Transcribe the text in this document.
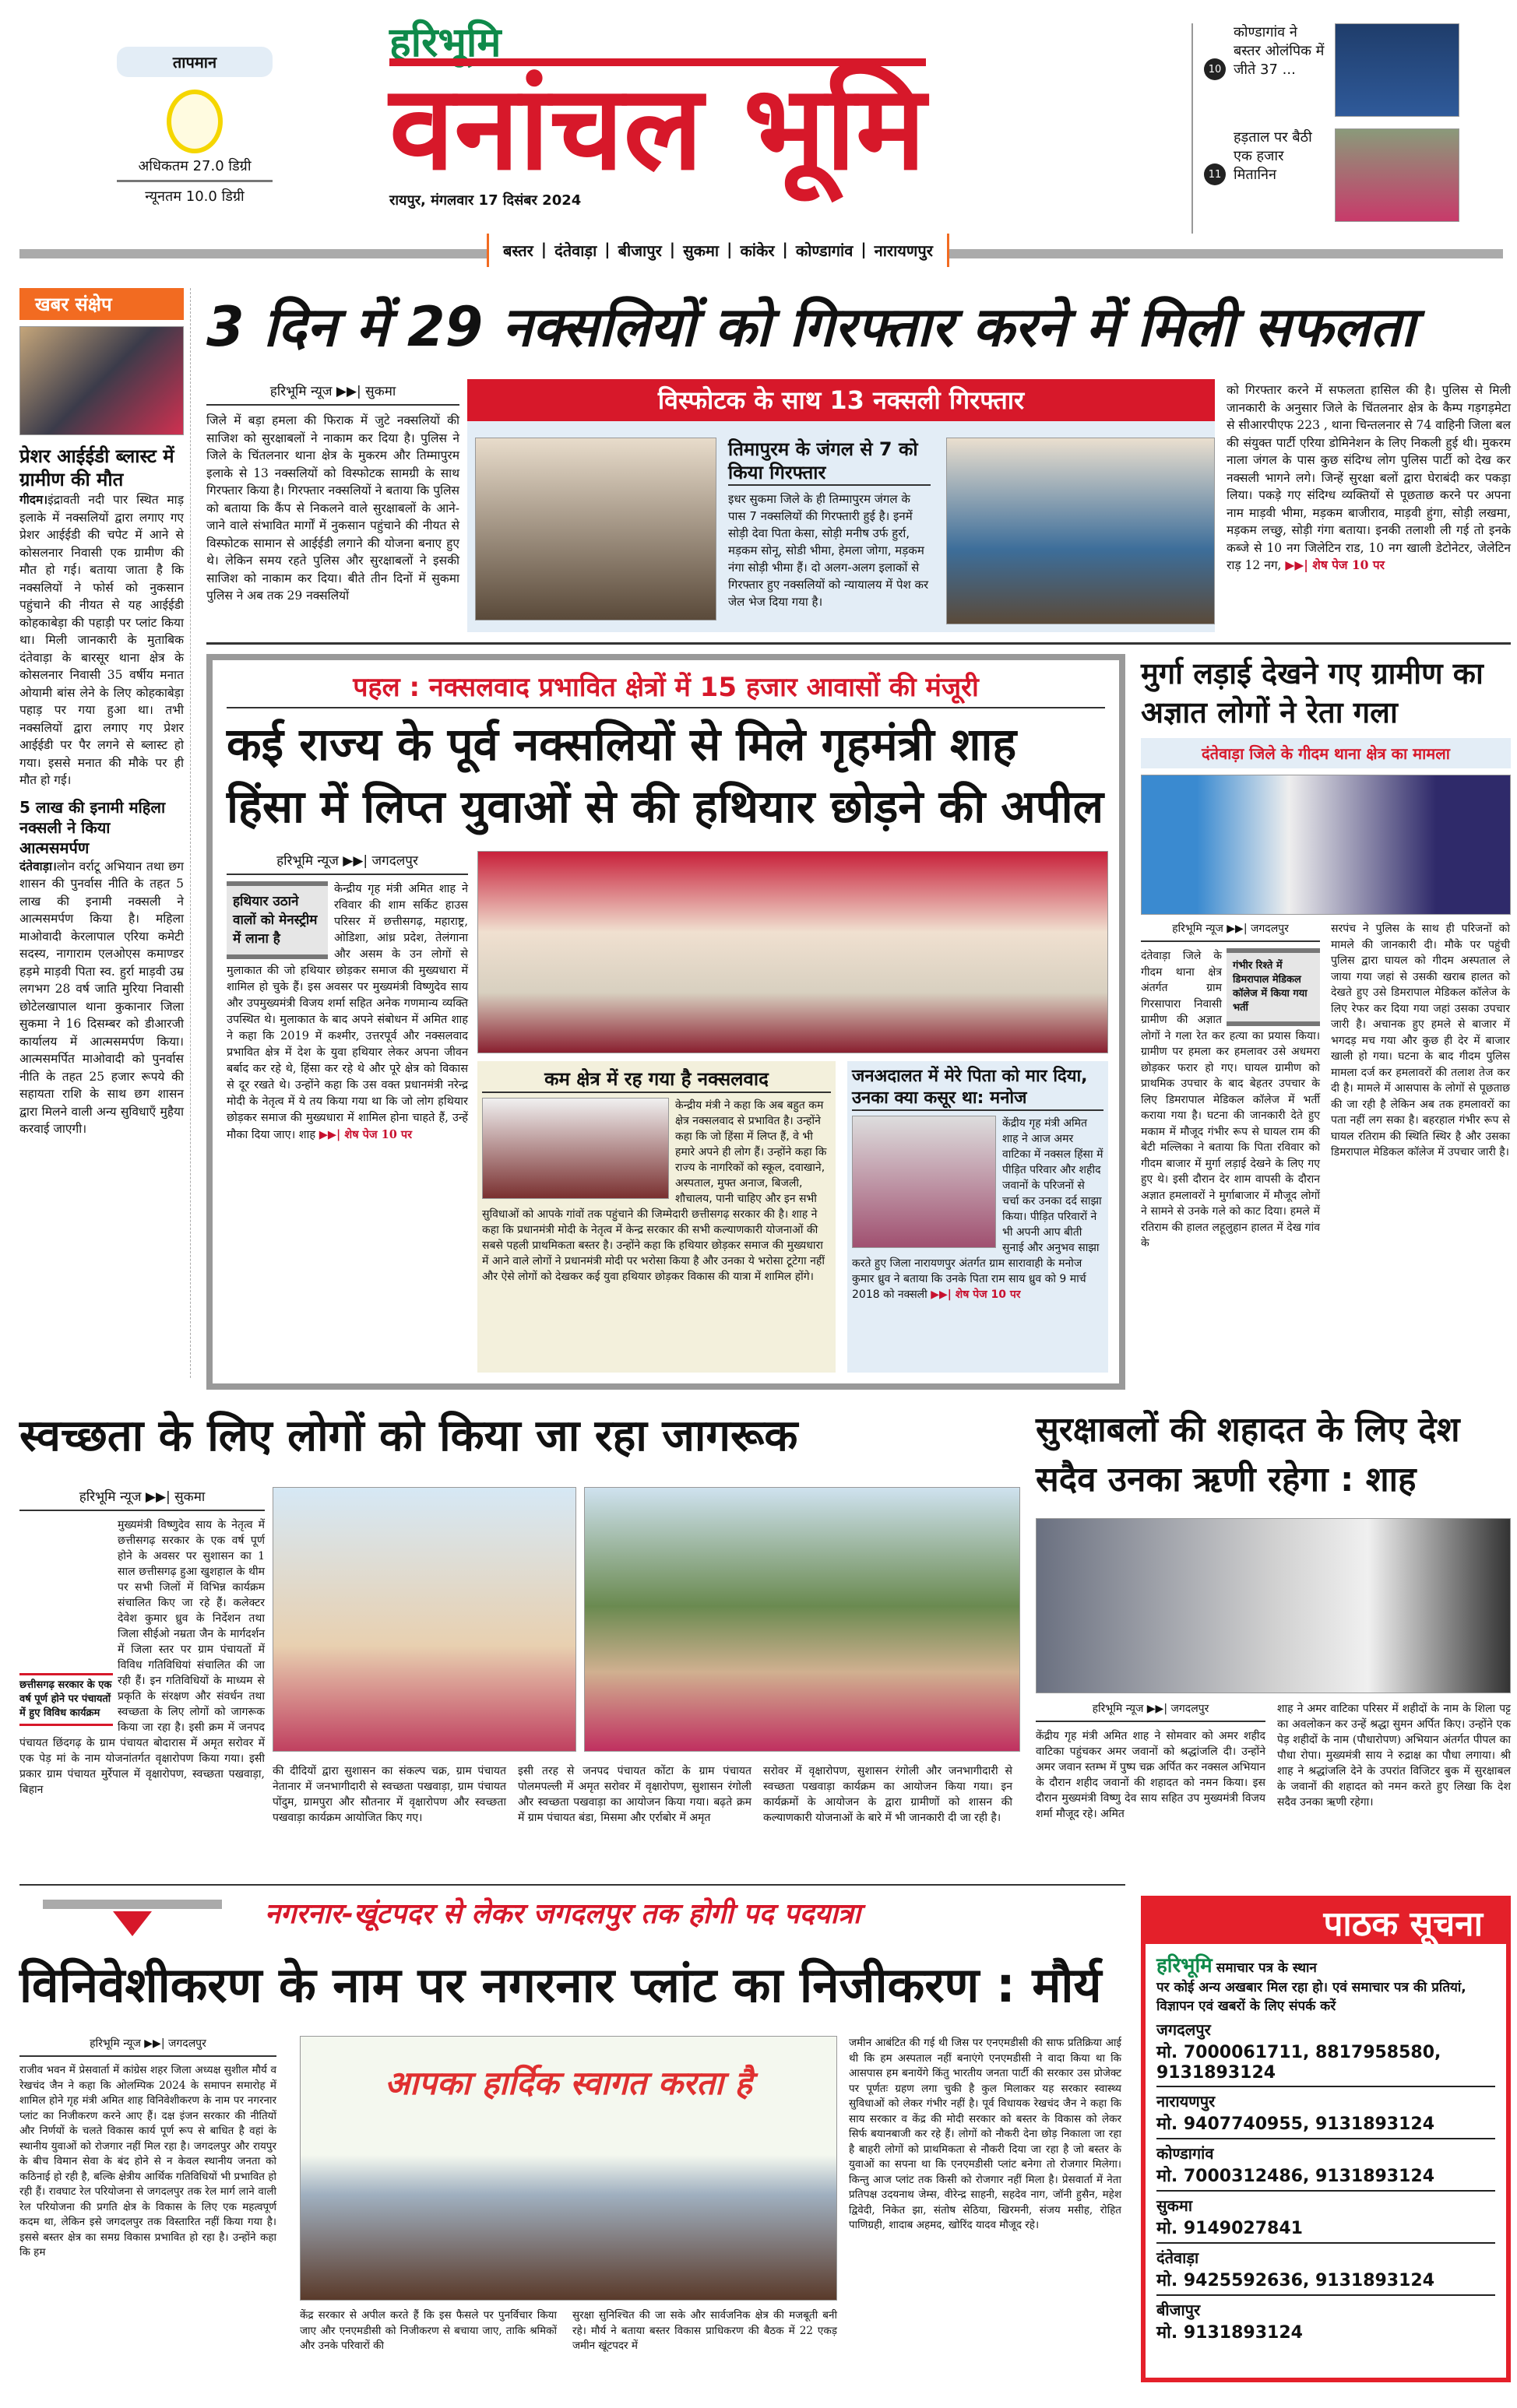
तापमान
अधिकतम 27.0 डिग्री
न्यूनतम 10.0 डिग्री
हरिभूमि
वनांचल भूमि
रायपुर, मंगलवार 17 दिसंबर 2024
10
कोण्डागांव ने बस्तर ओलंपिक में जीते 37 ...
11
हड़ताल पर बैठी एक हजार मितानिन
बस्तर | दंतेवाड़ा | बीजापुर | सुकमा | कांकेर | कोण्डागांव | नारायणपुर
खबर संक्षेप
प्रेशर आईईडी ब्लास्ट में ग्रामीण की मौत
गीदम।इंद्रावती नदी पार स्थित माड़ इलाके में नक्सलियों द्वारा लगाए गए प्रेशर आईईडी की चपेट में आने से कोसलनार निवासी एक ग्रामीण की मौत हो गई। बताया जाता है कि नक्सलियों ने फोर्स को नुकसान पहुंचाने की नीयत से यह आईईडी कोहकाबेड़ा की पहाड़ी पर प्लांट किया था। मिली जानकारी के मुताबिक दंतेवाड़ा के बारसूर थाना क्षेत्र के कोसलनार निवासी 35 वर्षीय मनात ओयामी बांस लेने के लिए कोहकाबेड़ा पहाड़ पर गया हुआ था। तभी नक्सलियों द्वारा लगाए गए प्रेशर आईईडी पर पैर लगने से ब्लास्ट हो गया। इससे मनात की मौके पर ही मौत हो गई।
5 लाख की इनामी महिला नक्सली ने किया आत्मसमर्पण
दंतेवाड़ा।लोन वर्राटू अभियान तथा छग शासन की पुनर्वास नीति के तहत 5 लाख की इनामी नक्सली ने आत्मसमर्पण किया है। महिला माओवादी केरलापाल एरिया कमेटी सदस्य, नागाराम एलओएस कमाण्डर हड़मे माड़वी पिता स्व. हुर्रा माड़वी उम्र लगभग 28 वर्ष जाति मुरिया निवासी छोटेलखापाल थाना कुकानार जिला सुकमा ने 16 दिसम्बर को डीआरजी कार्यालय में आत्मसमर्पण किया। आत्मसमर्पित माओवादी को पुनर्वास नीति के तहत 25 हजार रूपये की सहायता राशि के साथ छग शासन द्वारा मिलने वाली अन्य सुविधाएँ मुहैया करवाई जाएगी।
3 दिन में 29 नक्सलियों को गिरफ्तार करने में मिली सफलता
हरिभूमि न्यूज ▶▶| सुकमा
जिले में बड़ा हमला की फिराक में जुटे नक्सलियों की साजिश को सुरक्षाबलों ने नाकाम कर दिया है। पुलिस ने जिले के चिंतलनार थाना क्षेत्र के मुकरम और तिम्मापुरम इलाके से 13 नक्सलियों को विस्फोटक सामग्री के साथ गिरफ्तार किया है। गिरफ्तार नक्सलियों ने बताया कि पुलिस को बताया कि कैंप से निकलने वाले सुरक्षाबलों के आने-जाने वाले संभावित मार्गों में नुकसान पहुंचाने की नीयत से विस्फोटक सामान से आईईडी लगाने की योजना बनाए हुए थे। लेकिन समय रहते पुलिस और सुरक्षाबलों ने इसकी साजिश को नाकाम कर दिया। बीते तीन दिनों में सुकमा पुलिस ने अब तक 29 नक्सलियों
विस्फोटक के साथ 13 नक्सली गिरफ्तार
तिमापुरम के जंगल से 7 को किया गिरफ्तार
इधर सुकमा जिले के ही तिम्मापुरम जंगल के पास 7 नक्सलियों की गिरफ्तारी हुई है। इनमें सोड़ी देवा पिता केसा, सोड़ी मनीष उर्फ हुर्रा, मड़कम सोनू, सोडी भीमा, हेमला जोगा, मड़कम नंगा सोड़ी भीमा हैं। दो अलग-अलग इलाकों से गिरफ्तार हुए नक्सलियों को न्यायालय में पेश कर जेल भेज दिया गया है।
को गिरफ्तार करने में सफलता हासिल की है। पुलिस से मिली जानकारी के अनुसार जिले के चिंतलनार क्षेत्र के कैम्प गड़गड़मेटा से सीआरपीएफ 223 , थाना चिन्तलनार से 74 वाहिनी जिला बल की संयुक्त पार्टी एरिया डोमिनेशन के लिए निकली हुई थी। मुकरम नाला जंगल के पास कुछ संदिग्ध लोग पुलिस पार्टी को देख कर नक्सली भागने लगे। जिन्हें सुरक्षा बलों द्वारा घेराबंदी कर पकड़ा लिया। पकड़े गए संदिग्ध व्यक्तियों से पूछताछ करने पर अपना नाम माड़वी भीमा, मड़कम बाजीराव, माड़वी हुंगा, सोड़ी लखमा, मड़कम लच्छु, सोड़ी गंगा बताया। इनकी तलाशी ली गई तो इनके कब्जे से 10 नग जिलेटिन राड, 10 नग खाली डेटोनेटर, जेलेटिन राड़ 12 नग, ▶▶| शेष पेज 10 पर
पहल : नक्सलवाद प्रभावित क्षेत्रों में 15 हजार आवासों की मंजूरी
कई राज्य के पूर्व नक्सलियों से मिले गृहमंत्री शाह
हिंसा में लिप्त युवाओं से की हथियार छोड़ने की अपील
हरिभूमि न्यूज ▶▶| जगदलपुर
हथियार उठाने वालों को मेनस्ट्रीम में लाना है
केन्द्रीय गृह मंत्री अमित शाह ने रविवार की शाम सर्किट हाउस परिसर में छत्तीसगढ़, महाराष्ट्र, ओडिशा, आंध्र प्रदेश, तेलंगाना और असम के उन लोगों से मुलाकात की जो हथियार छोड़कर समाज की मुख्यधारा में शामिल हो चुके हैं। इस अवसर पर मुख्यमंत्री विष्णुदेव साय और उपमुख्यमंत्री विजय शर्मा सहित अनेक गणमान्य व्यक्ति उपस्थित थे। मुलाकात के बाद अपने संबोधन में अमित शाह ने कहा कि 2019 में कश्मीर, उत्तरपूर्व और नक्सलवाद प्रभावित क्षेत्र में देश के युवा हथियार लेकर अपना जीवन बर्बाद कर रहे थे, हिंसा कर रहे थे और पूरे क्षेत्र को विकास से दूर रखते थे। उन्होंने कहा कि उस वक्त प्रधानमंत्री नरेन्द्र मोदी के नेतृत्व में ये तय किया गया था कि जो लोग हथियार छोड़कर समाज की मुख्यधारा में शामिल होना चाहते हैं, उन्हें मौका दिया जाए। शाह ▶▶| शेष पेज 10 पर
कम क्षेत्र में रह गया है नक्सलवाद
केन्द्रीय मंत्री ने कहा कि अब बहुत कम क्षेत्र नक्सलवाद से प्रभावित है। उन्होंने कहा कि जो हिंसा में लिप्त हैं, वे भी हमारे अपने ही लोग हैं। उन्होंने कहा कि राज्य के नागरिकों को स्कूल, दवाखाने, अस्पताल, मुफ्त अनाज, बिजली, शौचालय, पानी चाहिए और इन सभी सुविधाओं को आपके गांवों तक पहुंचाने की जिम्मेदारी छत्तीसगढ़ सरकार की है। शाह ने कहा कि प्रधानमंत्री मोदी के नेतृत्व में केन्द्र सरकार की सभी कल्याणकारी योजनाओं की सबसे पहली प्राथमिकता बस्तर है। उन्होंने कहा कि हथियार छोड़कर समाज की मुख्यधारा में आने वाले लोगों ने प्रधानमंत्री मोदी पर भरोसा किया है और उनका ये भरोसा टूटेगा नहीं और ऐसे लोगों को देखकर कई युवा हथियार छोड़कर विकास की यात्रा में शामिल होंगे।
जनअदालत में मेरे पिता को मार दिया, उनका क्या कसूर था: मनोज
केंद्रीय गृह मंत्री अमित शाह ने आज अमर वाटिका में नक्सल हिंसा में पीड़ित परिवार और शहीद जवानों के परिजनों से चर्चा कर उनका दर्द साझा किया। पीड़ित परिवारों ने भी अपनी आप बीती सुनाई और अनुभव साझा करते हुए जिला नारायणपुर अंतर्गत ग्राम सारावाही के मनोज कुमार ध्रुव ने बताया कि उनके पिता राम साय ध्रुव को 9 मार्च 2018 को नक्सली ▶▶| शेष पेज 10 पर
मुर्गा लड़ाई देखने गए ग्रामीण का अज्ञात लोगों ने रेता गला
दंतेवाड़ा जिले के गीदम थाना क्षेत्र का मामला
हरिभूमि न्यूज ▶▶| जगदलपुर
गंभीर रिश्ते में डिमरापाल मेडिकल कॉलेज में किया गया भर्ती
दंतेवाड़ा जिले के गीदम थाना क्षेत्र अंतर्गत ग्राम गिरसापारा निवासी ग्रामीण की अज्ञात लोगों ने गला रेत कर हत्या का प्रयास किया। ग्रामीण पर हमला कर हमलावर उसे अधमरा छोड़कर फरार हो गए। घायल ग्रामीण को प्राथमिक उपचार के बाद बेहतर उपचार के लिए डिमरापाल मेडिकल कॉलेज में भर्ती कराया गया है। घटना की जानकारी देते हुए मकाम में मौजूद गंभीर रूप से घायल राम की बेटी मल्लिका ने बताया कि पिता रविवार को गीदम बाजार में मुर्गा लड़ाई देखने के लिए गए हुए थे। इसी दौरान देर शाम वापसी के दौरान अज्ञात हमलावरों ने मुर्गाबाजार में मौजूद लोगों ने सामने से उनके गले को काट दिया। हमले में रतिराम की हालत लहूलुहान हालत में देख गांव के
सरपंच ने पुलिस के साथ ही परिजनों को मामले की जानकारी दी। मौके पर पहुंची पुलिस द्वारा घायल को गीदम अस्पताल ले जाया गया जहां से उसकी खराब हालत को देखते हुए उसे डिमरापाल मेडिकल कॉलेज के लिए रेफर कर दिया गया जहां उसका उपचार जारी है। अचानक हुए हमले से बाजार में भगदड़ मच गया और कुछ ही देर में बाजार खाली हो गया। घटना के बाद गीदम पुलिस मामला दर्ज कर हमलावरों की तलाश तेज कर दी है। मामले में आसपास के लोगों से पूछताछ की जा रही है लेकिन अब तक हमलावरों का पता नहीं लग सका है। बहरहाल गंभीर रूप से घायल रतिराम की स्थिति स्थिर है और उसका डिमरापाल मेडिकल कॉलेज में उपचार जारी है।
स्वच्छता के लिए लोगों को किया जा रहा जागरूक
हरिभूमि न्यूज ▶▶| सुकमा
छत्तीसगढ़ सरकार के एक वर्ष पूर्ण होने पर पंचायतों में हुए विविध कार्यक्रम
मुख्यमंत्री विष्णुदेव साय के नेतृत्व में छत्तीसगढ़ सरकार के एक वर्ष पूर्ण होने के अवसर पर सुशासन का 1 साल छत्तीसगढ़ हुआ खुशहाल के थीम पर सभी जिलों में विभिन्न कार्यक्रम संचालित किए जा रहे हैं। कलेक्टर देवेश कुमार ध्रुव के निर्देशन तथा जिला सीईओ नम्रता जैन के मार्गदर्शन में जिला स्तर पर ग्राम पंचायतों में विविध गतिविधियां संचालित की जा रही हैं। इन गतिविधियों के माध्यम से प्रकृति के संरक्षण और संवर्धन तथा स्वच्छता के लिए लोगों को जागरूक किया जा रहा है। इसी क्रम में जनपद पंचायत छिंदगढ़ के ग्राम पंचायत बोदारास में अमृत सरोवर में एक पेड़ मां के नाम योजनांतर्गत वृक्षारोपण किया गया। इसी प्रकार ग्राम पंचायत मुर्रेपाल में वृक्षारोपण, स्वच्छता पखवाड़ा, बिहान
की दीदियों द्वारा सुशासन का संकल्प चक्र, ग्राम पंचायत नेतानार में जनभागीदारी से स्वच्छता पखवाड़ा, ग्राम पंचायत पोंदुम, ग्रामपुरा और सौतनार में वृक्षारोपण और स्वच्छता पखवाड़ा कार्यक्रम आयोजित किए गए।
इसी तरह से जनपद पंचायत कोंटा के ग्राम पंचायत पोलमपल्ली में अमृत सरोवर में वृक्षारोपण, सुशासन रंगोली और स्वच्छता पखवाड़ा का आयोजन किया गया। बढ़ते क्रम में ग्राम पंचायत बंडा, मिसमा और एर्राबोर में अमृत
सरोवर में वृक्षारोपण, सुशासन रंगोली और जनभागीदारी से स्वच्छता पखवाड़ा कार्यक्रम का आयोजन किया गया। इन कार्यक्रमों के आयोजन के द्वारा ग्रामीणों को शासन की कल्याणकारी योजनाओं के बारे में भी जानकारी दी जा रही है।
सुरक्षाबलों की शहादत के लिए देश सदैव उनका ऋणी रहेगा : शाह
हरिभूमि न्यूज ▶▶| जगदलपुर
केंद्रीय गृह मंत्री अमित शाह ने सोमवार को अमर शहीद वाटिका पहुंचकर अमर जवानों को श्रद्धांजलि दी। उन्होंने अमर जवान स्तम्भ में पुष्प चक्र अर्पित कर नक्सल अभियान के दौरान शहीद जवानों की शहादत को नमन किया। इस दौरान मुख्यमंत्री विष्णु देव साय सहित उप मुख्यमंत्री विजय शर्मा मौजूद रहे। अमित
शाह ने अमर वाटिका परिसर में शहीदों के नाम के शिला पट्ट का अवलोकन कर उन्हें श्रद्धा सुमन अर्पित किए। उन्होंने एक पेड़ शहीदों के नाम (पौधारोपण) अभियान अंतर्गत पीपल का पौधा रोपा। मुख्यमंत्री साय ने रुद्राक्ष का पौधा लगाया। श्री शाह ने श्रद्धांजलि देने के उपरांत विजिटर बुक में सुरक्षाबल के जवानों की शहादत को नमन करते हुए लिखा कि देश सदैव उनका ऋणी रहेगा।
नगरनार-खूंटपदर से लेकर जगदलपुर तक होगी पद पदयात्रा
विनिवेशीकरण के नाम पर नगरनार प्लांट का निजीकरण : मौर्य
हरिभूमि न्यूज ▶▶| जगदलपुर
राजीव भवन में प्रेसवार्ता में कांग्रेस शहर जिला अध्यक्ष सुशील मौर्य व रेखचंद जैन ने कहा कि ओलम्पिक 2024 के समापन समारोह में शामिल होने गृह मंत्री अमित शाह विनिवेशीकरण के नाम पर नगरनार प्लांट का निजीकरण करने आए हैं। दक्ष इंजन सरकार की नीतियों और निर्णयों के चलते विकास कार्य पूर्ण रूप से बाधित है वहां के स्थानीय युवाओं को रोजगार नहीं मिल रहा है। जगदलपुर और रायपुर के बीच विमान सेवा के बंद होने से न केवल स्थानीय जनता को कठिनाई हो रही है, बल्कि क्षेत्रीय आर्थिक गतिविधियों भी प्रभावित हो रही हैं। रावघाट रेल परियोजना से जगदलपुर तक रेल मार्ग लाने वाली रेल परियोजना की प्रगति क्षेत्र के विकास के लिए एक महत्वपूर्ण कदम था, लेकिन इसे जगदलपुर तक विस्तारित नहीं किया गया है। इससे बस्तर क्षेत्र का समग्र विकास प्रभावित हो रहा है। उन्होंने कहा कि हम
आपका हार्दिक स्वागत करता है
केंद्र सरकार से अपील करते हैं कि इस फैसले पर पुनर्विचार किया जाए और एनएमडीसी को निजीकरण से बचाया जाए, ताकि श्रमिकों और उनके परिवारों की
सुरक्षा सुनिश्चित की जा सके और सार्वजनिक क्षेत्र की मजबूती बनी रहे। मौर्य ने बताया बस्तर विकास प्राधिकरण की बैठक में 22 एकड़ जमीन खूंटपदर में
जमीन आबंटित की गई थी जिस पर एनएमडीसी की साफ प्रतिक्रिया आई थी कि हम अस्पताल नहीं बनाएंगे एनएमडीसी ने वादा किया था कि आसपास हम बनायेंगे किंतु भारतीय जनता पार्टी की सरकार उस प्रोजेक्ट पर पूर्णतः ग्रहण लगा चुकी है कुल मिलाकर यह सरकार स्वास्थ्य सुविधाओं को लेकर गंभीर नहीं है। पूर्व विधायक रेखचंद जैन ने कहा कि साय सरकार व केंद्र की मोदी सरकार को बस्तर के विकास को लेकर सिर्फ बयानबाजी कर रहे हैं। लोगों को नौकरी देना छोड़ निकाला जा रहा है बाहरी लोगों को प्राथमिकता से नौकरी दिया जा रहा है जो बस्तर के युवाओं का सपना था कि एनएमडीसी प्लांट बनेगा तो रोजगार मिलेगा। किन्तु आज प्लांट तक किसी को रोजगार नहीं मिला है। प्रेसवार्ता में नेता प्रतिपक्ष उदयनाथ जेम्स, वीरेन्द्र साहनी, सहदेव नाग, जॉनी हुसैन, महेश द्विवेदी, निकेत झा, संतोष सेठिया, खिरमनी, संजय मसीह, रोहित पाणिग्रही, शादाब अहमद, खोरिंद यादव मौजूद रहे।
पाठक सूचना
हरिभूमि समाचार पत्र के स्थान
पर कोई अन्य अखबार मिल रहा हो। एवं समाचार पत्र की प्रतियां, विज्ञापन एवं खबरों के लिए संपर्क करें
जगदलपुर
मो. 7000061711, 8817958580, 9131893124
नारायणपुर
मो. 9407740955, 9131893124
कोण्डागांव
मो. 7000312486, 9131893124
सुकमा
मो. 9149027841
दंतेवाड़ा
मो. 9425592636, 9131893124
बीजापुर
मो. 9131893124
